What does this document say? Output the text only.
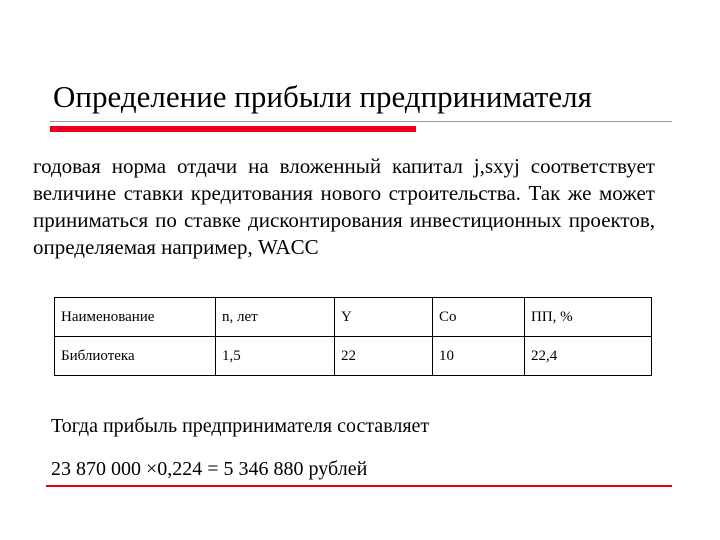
Определение прибыли предпринимателя
годовая норма отдачи на вложенный капитал j,sxyj соответствует величине ставки кредитования нового строительства. Так же может приниматься по ставке дисконтирования инвестиционных проектов, определяемая например, WACC
Наименование	n, лет	Y	Co	ПП, %
Библиотека	1,5	22	10	22,4
Тогда прибыль предпринимателя составляет
23 870 000 ×0,224 = 5 346 880 рублей
